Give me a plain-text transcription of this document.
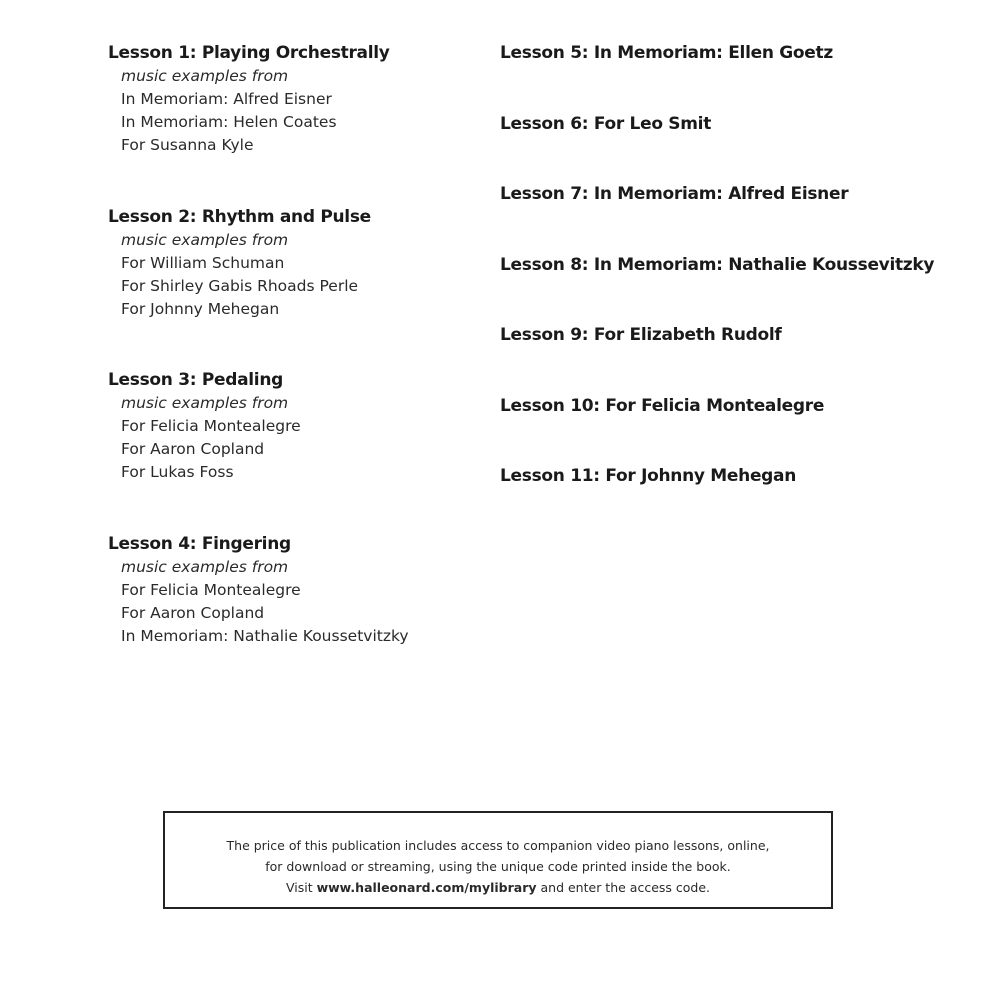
Lesson 1: Playing Orchestrally
music examples from
In Memoriam: Alfred Eisner
In Memoriam: Helen Coates
For Susanna Kyle
Lesson 2: Rhythm and Pulse
music examples from
For William Schuman
For Shirley Gabis Rhoads Perle
For Johnny Mehegan
Lesson 3: Pedaling
music examples from
For Felicia Montealegre
For Aaron Copland
For Lukas Foss
Lesson 4: Fingering
music examples from
For Felicia Montealegre
For Aaron Copland
In Memoriam: Nathalie Koussetvitzky
Lesson 5: In Memoriam: Ellen Goetz
Lesson 6: For Leo Smit
Lesson 7: In Memoriam: Alfred Eisner
Lesson 8: In Memoriam: Nathalie Koussevitzky
Lesson 9: For Elizabeth Rudolf
Lesson 10: For Felicia Montealegre
Lesson 11: For Johnny Mehegan
The price of this publication includes access to companion video piano lessons, online,
for download or streaming, using the unique code printed inside the book.
Visit www.halleonard.com/mylibrary and enter the access code.
